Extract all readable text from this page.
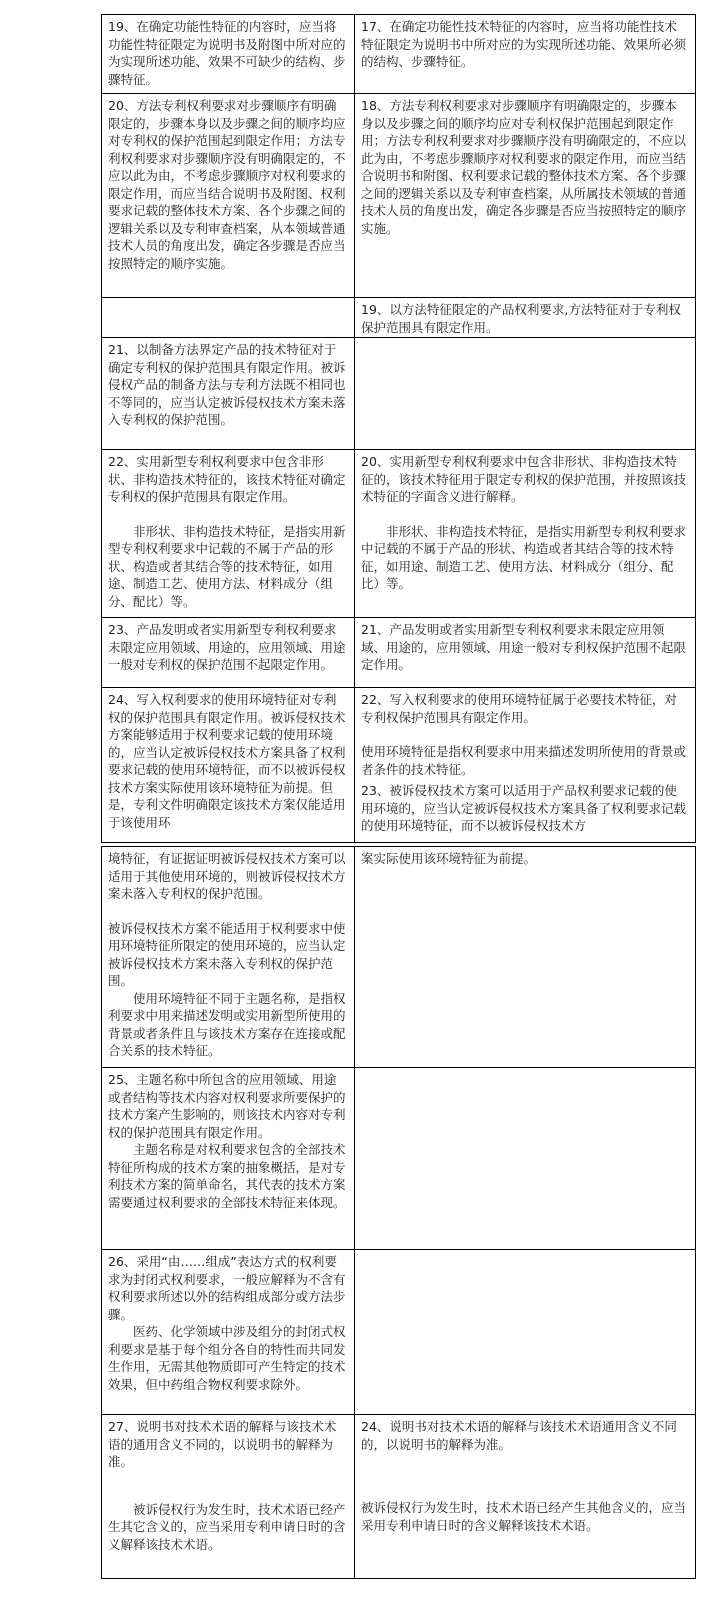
19、在确定功能性特征的内容时，应当将功能性特征限定为说明书及附图中所对应的为实现所述功能、效果不可缺少的结构、步骤特征。

17、在确定功能性技术特征的内容时，应当将功能性技术特征限定为说明书中所对应的为实现所述功能、效果所必须的结构、步骤特征。

20、方法专利权利要求对步骤顺序有明确限定的，步骤本身以及步骤之间的顺序均应对专利权的保护范围起到限定作用；方法专利权利要求对步骤顺序没有明确限定的，不应以此为由，不考虑步骤顺序对权利要求的限定作用，而应当结合说明书及附图、权利要求记载的整体技术方案、各个步骤之间的逻辑关系以及专利审查档案，从本领域普通技术人员的角度出发，确定各步骤是否应当按照特定的顺序实施。

18、方法专利权利要求对步骤顺序有明确限定的，步骤本身以及步骤之间的顺序均应对专利权保护范围起到限定作用；方法专利权利要求对步骤顺序没有明确限定的，不应以此为由，不考虑步骤顺序对权利要求的限定作用，而应当结合说明书和附图、权利要求记载的整体技术方案、各个步骤之间的逻辑关系以及专利审查档案，从所属技术领域的普通技术人员的角度出发，确定各步骤是否应当按照特定的顺序实施。

19、以方法特征限定的产品权利要求,方法特征对于专利权保护范围具有限定作用。

21、以制备方法界定产品的技术特征对于确定专利权的保护范围具有限定作用。被诉侵权产品的制备方法与专利方法既不相同也不等同的，应当认定被诉侵权技术方案未落入专利权的保护范围。

22、实用新型专利权利要求中包含非形状、非构造技术特征的，该技术特征对确定专利权的保护范围具有限定作用。

非形状、非构造技术特征，是指实用新型专利权利要求中记载的不属于产品的形状、构造或者其结合等的技术特征，如用途、制造工艺、使用方法、材料成分（组分、配比）等。

20、实用新型专利权利要求中包含非形状、非构造技术特征的，该技术特征用于限定专利权的保护范围，并按照该技术特征的字面含义进行解释。

非形状、非构造技术特征，是指实用新型专利权利要求中记载的不属于产品的形状、构造或者其结合等的技术特征，如用途、制造工艺、使用方法、材料成分（组分、配比）等。

23、产品发明或者实用新型专利权利要求未限定应用领域、用途的，应用领域、用途一般对专利权的保护范围不起限定作用。

21、产品发明或者实用新型专利权利要求未限定应用领域、用途的，应用领域、用途一般对专利权保护范围不起限定作用。

24、写入权利要求的使用环境特征对专利权的保护范围具有限定作用。被诉侵权技术方案能够适用于权利要求记载的使用环境的，应当认定被诉侵权技术方案具备了权利要求记载的使用环境特征，而不以被诉侵权技术方案实际使用该环境特征为前提。但是，专利文件明确限定该技术方案仅能适用于该使用环

22、写入权利要求的使用环境特征属于必要技术特征，对专利权保护范围具有限定作用。

使用环境特征是指权利要求中用来描述发明所使用的背景或者条件的技术特征。

23、被诉侵权技术方案可以适用于产品权利要求记载的使用环境的，应当认定被诉侵权技术方案具备了权利要求记载的使用环境特征，而不以被诉侵权技术方

境特征，有证据证明被诉侵权技术方案可以适用于其他使用环境的，则被诉侵权技术方案未落入专利权的保护范围。

被诉侵权技术方案不能适用于权利要求中使用环境特征所限定的使用环境的，应当认定被诉侵权技术方案未落入专利权的保护范围。

使用环境特征不同于主题名称，是指权利要求中用来描述发明或实用新型所使用的背景或者条件且与该技术方案存在连接或配合关系的技术特征。

案实际使用该环境特征为前提。

25、主题名称中所包含的应用领域、用途或者结构等技术内容对权利要求所要保护的技术方案产生影响的，则该技术内容对专利权的保护范围具有限定作用。

主题名称是对权利要求包含的全部技术特征所构成的技术方案的抽象概括，是对专利技术方案的简单命名，其代表的技术方案需要通过权利要求的全部技术特征来体现。

26、采用“由……组成”表达方式的权利要求为封闭式权利要求，一般应解释为不含有权利要求所述以外的结构组成部分或方法步骤。

医药、化学领域中涉及组分的封闭式权利要求是基于每个组分各自的特性而共同发生作用，无需其他物质即可产生特定的技术效果，但中药组合物权利要求除外。

27、说明书对技术术语的解释与该技术术语的通用含义不同的，以说明书的解释为准。

被诉侵权行为发生时，技术术语已经产生其它含义的，应当采用专利申请日时的含义解释该技术术语。

24、说明书对技术术语的解释与该技术术语通用含义不同的，以说明书的解释为准。

被诉侵权行为发生时，技术术语已经产生其他含义的，应当采用专利申请日时的含义解释该技术术语。
